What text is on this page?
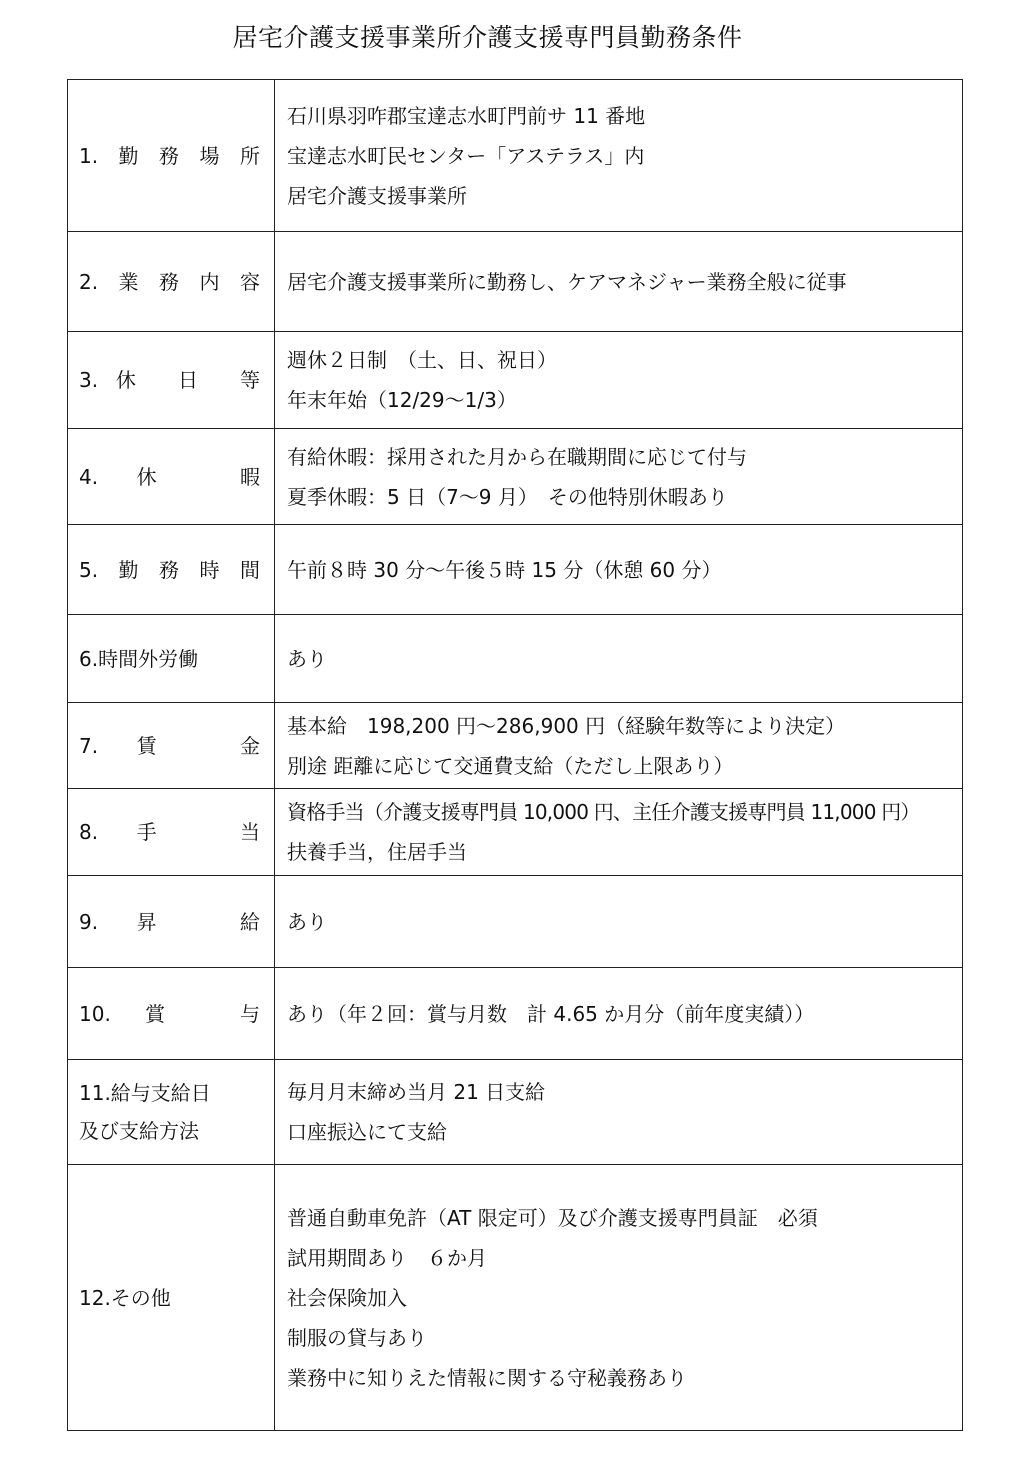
居宅介護支援事業所介護支援専門員勤務条件
1.勤務場所	石川県羽咋郡宝達志水町門前サ 11 番地
宝達志水町民センター「アステラス」内
居宅介護支援事業所

2.業務内容	居宅介護支援事業所に勤務し、ケアマネジャー業務全般に従事

3.休 日 等	週休２日制　（土、日、祝日）
年末年始（12/29～1/3）

4.休 暇	有給休暇：採用された月から在職期間に応じて付与
夏季休暇：5 日（7～9 月）　その他特別休暇あり

5.勤務時間	午前８時 30 分～午後５時 15 分（休憩 60 分）

6.時間外労働	あり

7.賃 金	基本給　198,200 円～286,900 円（経験年数等により決定）
別途 距離に応じて交通費支給（ただし上限あり）

8.手 当	資格手当（介護支援専門員 10,000 円、主任介護支援専門員 11,000 円）
扶養手当，住居手当

9.昇 給	あり

10.賞 与	あり（年２回：賞与月数　計 4.65 か月分（前年度実績））

11.給与支給日
及び支給方法	毎月月末締め当月 21 日支給
口座振込にて支給

12.その他	普通自動車免許（AT 限定可）及び介護支援専門員証　必須
試用期間あり　６か月
社会保険加入
制服の貸与あり
業務中に知りえた情報に関する守秘義務あり
